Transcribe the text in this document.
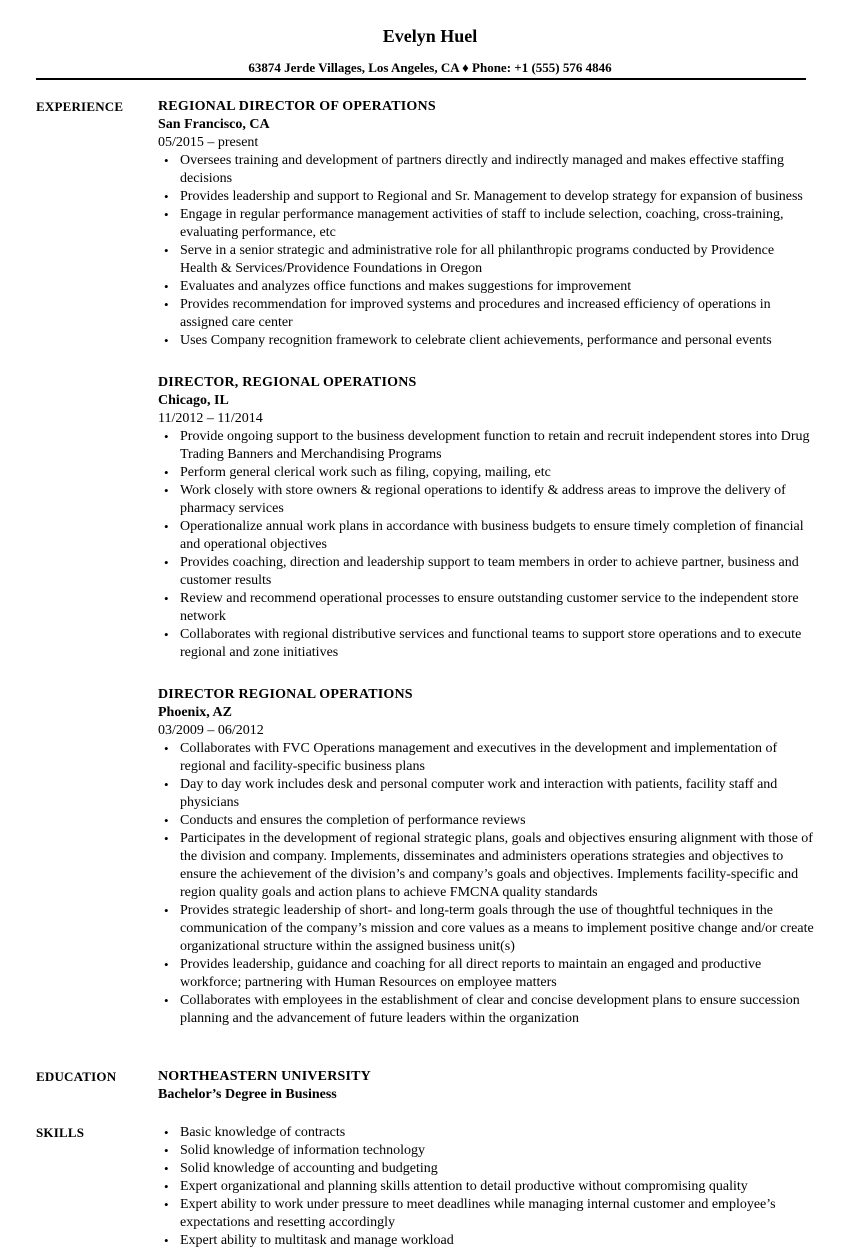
Evelyn Huel
63874 Jerde Villages, Los Angeles, CA ♦ Phone: +1 (555) 576 4846
EXPERIENCE REGIONAL DIRECTOR OF OPERATIONS
San Francisco, CA
05/2015 – present
• Oversees training and development of partners directly and indirectly managed and makes effective staffing decisions
• Provides leadership and support to Regional and Sr. Management to develop strategy for expansion of business
• Engage in regular performance management activities of staff to include selection, coaching, cross-training, evaluating performance, etc
• Serve in a senior strategic and administrative role for all philanthropic programs conducted by Providence Health & Services/Providence Foundations in Oregon
• Evaluates and analyzes office functions and makes suggestions for improvement
• Provides recommendation for improved systems and procedures and increased efficiency of operations in assigned care center
• Uses Company recognition framework to celebrate client achievements, performance and personal events
DIRECTOR, REGIONAL OPERATIONS
Chicago, IL
11/2012 – 11/2014
• Provide ongoing support to the business development function to retain and recruit independent stores into Drug Trading Banners and Merchandising Programs
• Perform general clerical work such as filing, copying, mailing, etc
• Work closely with store owners & regional operations to identify & address areas to improve the delivery of pharmacy services
• Operationalize annual work plans in accordance with business budgets to ensure timely completion of financial and operational objectives
• Provides coaching, direction and leadership support to team members in order to achieve partner, business and customer results
• Review and recommend operational processes to ensure outstanding customer service to the independent store network
• Collaborates with regional distributive services and functional teams to support store operations and to execute regional and zone initiatives
DIRECTOR REGIONAL OPERATIONS
Phoenix, AZ
03/2009 – 06/2012
• Collaborates with FVC Operations management and executives in the development and implementation of regional and facility-specific business plans
• Day to day work includes desk and personal computer work and interaction with patients, facility staff and physicians
• Conducts and ensures the completion of performance reviews
• Participates in the development of regional strategic plans, goals and objectives ensuring alignment with those of the division and company. Implements, disseminates and administers operations strategies and objectives to ensure the achievement of the division’s and company’s goals and objectives. Implements facility-specific and region quality goals and action plans to achieve FMCNA quality standards
• Provides strategic leadership of short- and long-term goals through the use of thoughtful techniques in the communication of the company’s mission and core values as a means to implement positive change and/or create organizational structure within the assigned business unit(s)
• Provides leadership, guidance and coaching for all direct reports to maintain an engaged and productive workforce; partnering with Human Resources on employee matters
• Collaborates with employees in the establishment of clear and concise development plans to ensure succession planning and the advancement of future leaders within the organization
EDUCATION	NORTHEASTERN UNIVERSITY
Bachelor’s Degree in Business
SKILLS
•	Basic knowledge of contracts
• Solid knowledge of information technology
• Solid knowledge of accounting and budgeting
• Expert organizational and planning skills attention to detail productive without compromising quality
• Expert ability to work under pressure to meet deadlines while managing internal customer and employee’s expectations and resetting accordingly
• Expert ability to multitask and manage workload
